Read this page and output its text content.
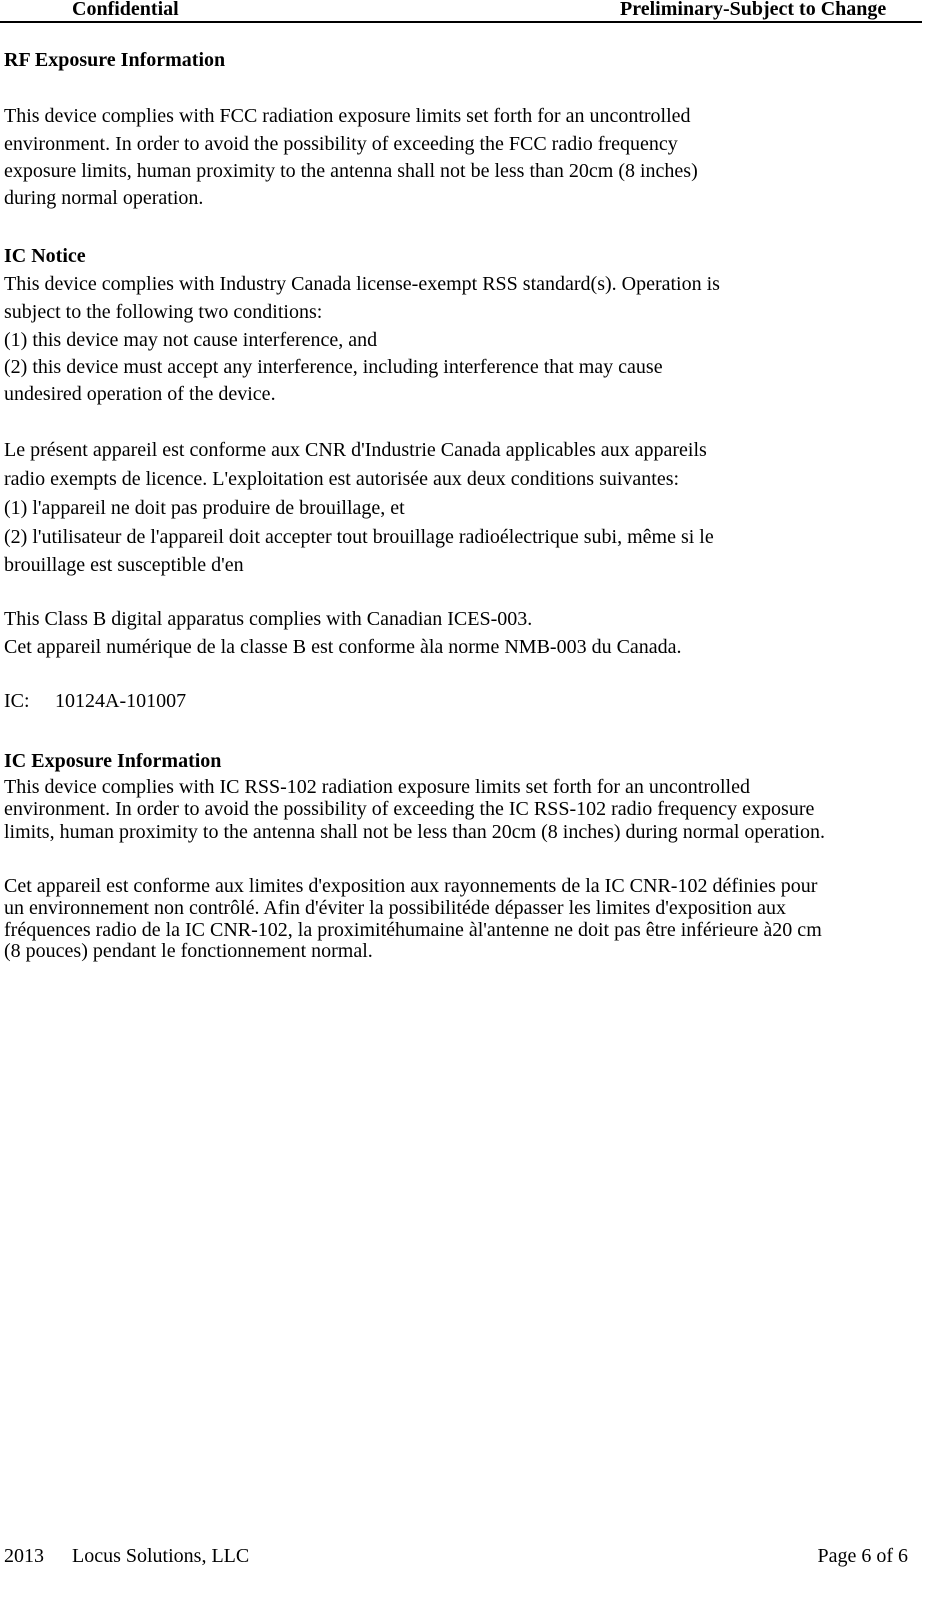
Confidential	Preliminary-Subject to Change
RF Exposure Information
This device complies with FCC radiation exposure limits set forth for an uncontrolled
environment. In order to avoid the possibility of exceeding the FCC radio frequency
exposure limits, human proximity to the antenna shall not be less than 20cm (8 inches)
during normal operation.
IC Notice
This device complies with Industry Canada license-exempt RSS standard(s). Operation is
subject to the following two conditions:
(1) this device may not cause interference, and
(2) this device must accept any interference, including interference that may cause
undesired operation of the device.
Le présent appareil est conforme aux CNR d'Industrie Canada applicables aux appareils
radio exempts de licence. L'exploitation est autorisée aux deux conditions suivantes:
(1) l'appareil ne doit pas produire de brouillage, et
(2) l'utilisateur de l'appareil doit accepter tout brouillage radioélectrique subi, même si le
brouillage est susceptible d'en
This Class B digital apparatus complies with Canadian ICES-003.
Cet appareil numérique de la classe B est conforme àla norme NMB-003 du Canada.
IC: 10124A-101007
IC Exposure Information
This device complies with IC RSS-102 radiation exposure limits set forth for an uncontrolled
environment. In order to avoid the possibility of exceeding the IC RSS-102 radio frequency exposure
limits, human proximity to the antenna shall not be less than 20cm (8 inches) during normal operation.
Cet appareil est conforme aux limites d'exposition aux rayonnements de la IC CNR-102 définies pour
un environnement non contrôlé. Afin d'éviter la possibilitéde dépasser les limites d'exposition aux
fréquences radio de la IC CNR-102, la proximitéhumaine àl'antenne ne doit pas être inférieure à20 cm
(8 pouces) pendant le fonctionnement normal.
2013 Locus Solutions, LLC	Page 6 of 6
